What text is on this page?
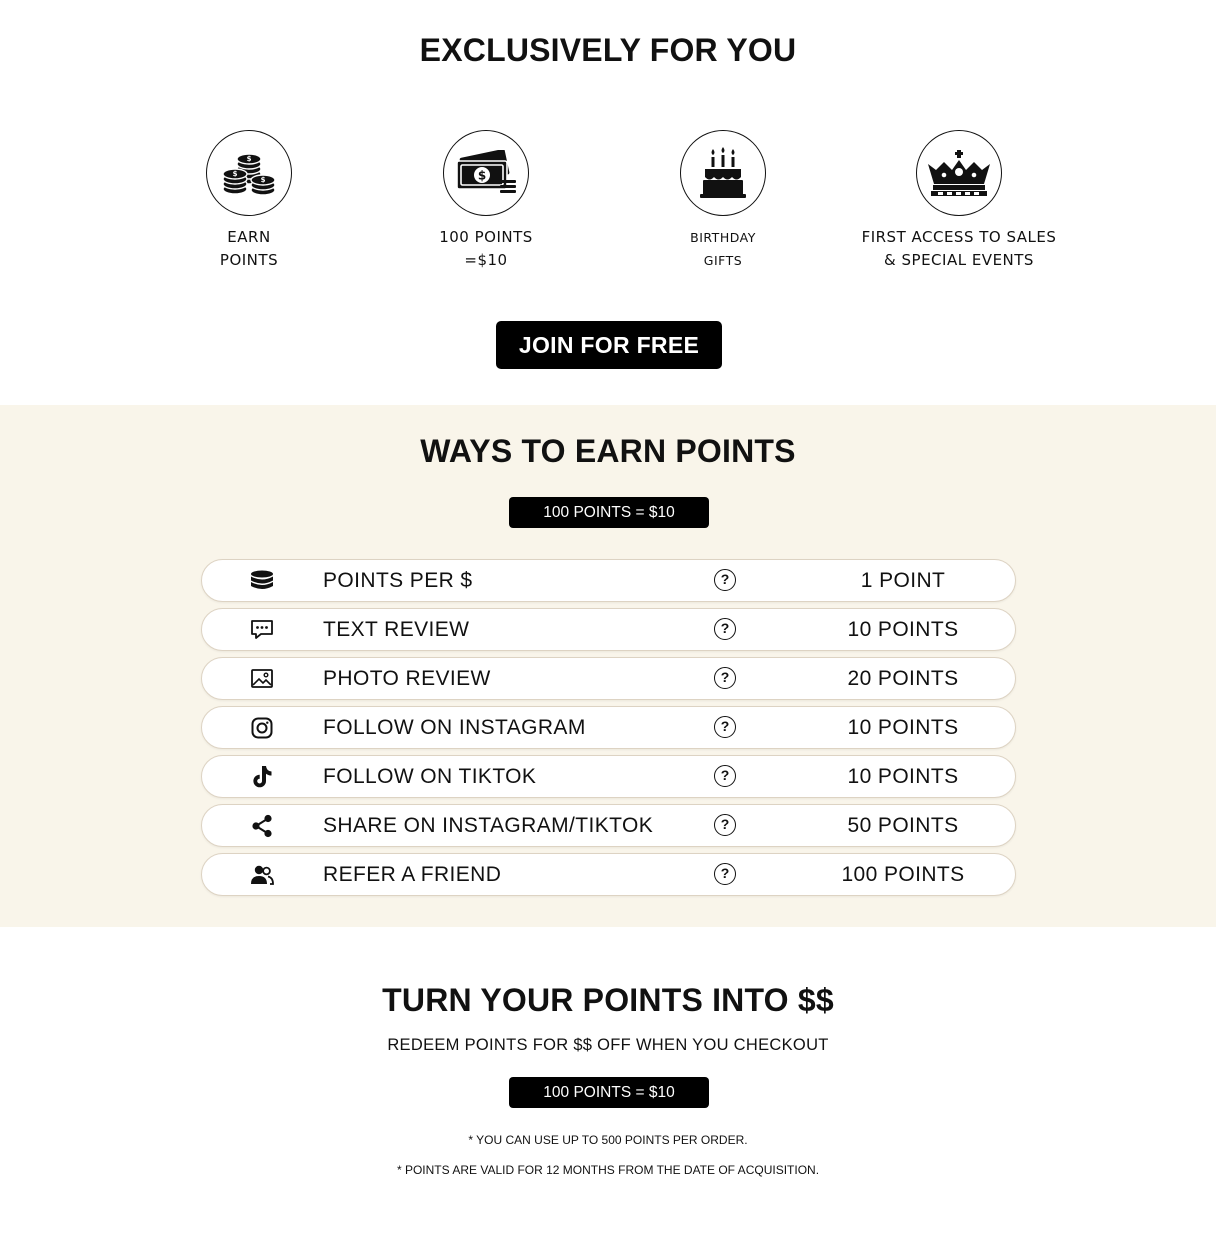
EXCLUSIVELY FOR YOU
$
$
$
EARN
POINTS
$
100 POINTS
=$10
BIRTHDAY
GIFTS
FIRST ACCESS TO SALES
& SPECIAL EVENTS
JOIN FOR FREE
WAYS TO EARN POINTS
100 POINTS = $10
POINTS PER $	?	1 POINT
TEXT REVIEW	?	10 POINTS
PHOTO REVIEW	?	20 POINTS
FOLLOW ON INSTAGRAM	?	10 POINTS
FOLLOW ON TIKTOK	?	10 POINTS
SHARE ON INSTAGRAM/TIKTOK	?	50 POINTS
REFER A FRIEND	?	100 POINTS
TURN YOUR POINTS INTO $$
REDEEM POINTS FOR $$ OFF WHEN YOU CHECKOUT
100 POINTS = $10
* YOU CAN USE UP TO 500 POINTS PER ORDER.
* POINTS ARE VALID FOR 12 MONTHS FROM THE DATE OF ACQUISITION.
